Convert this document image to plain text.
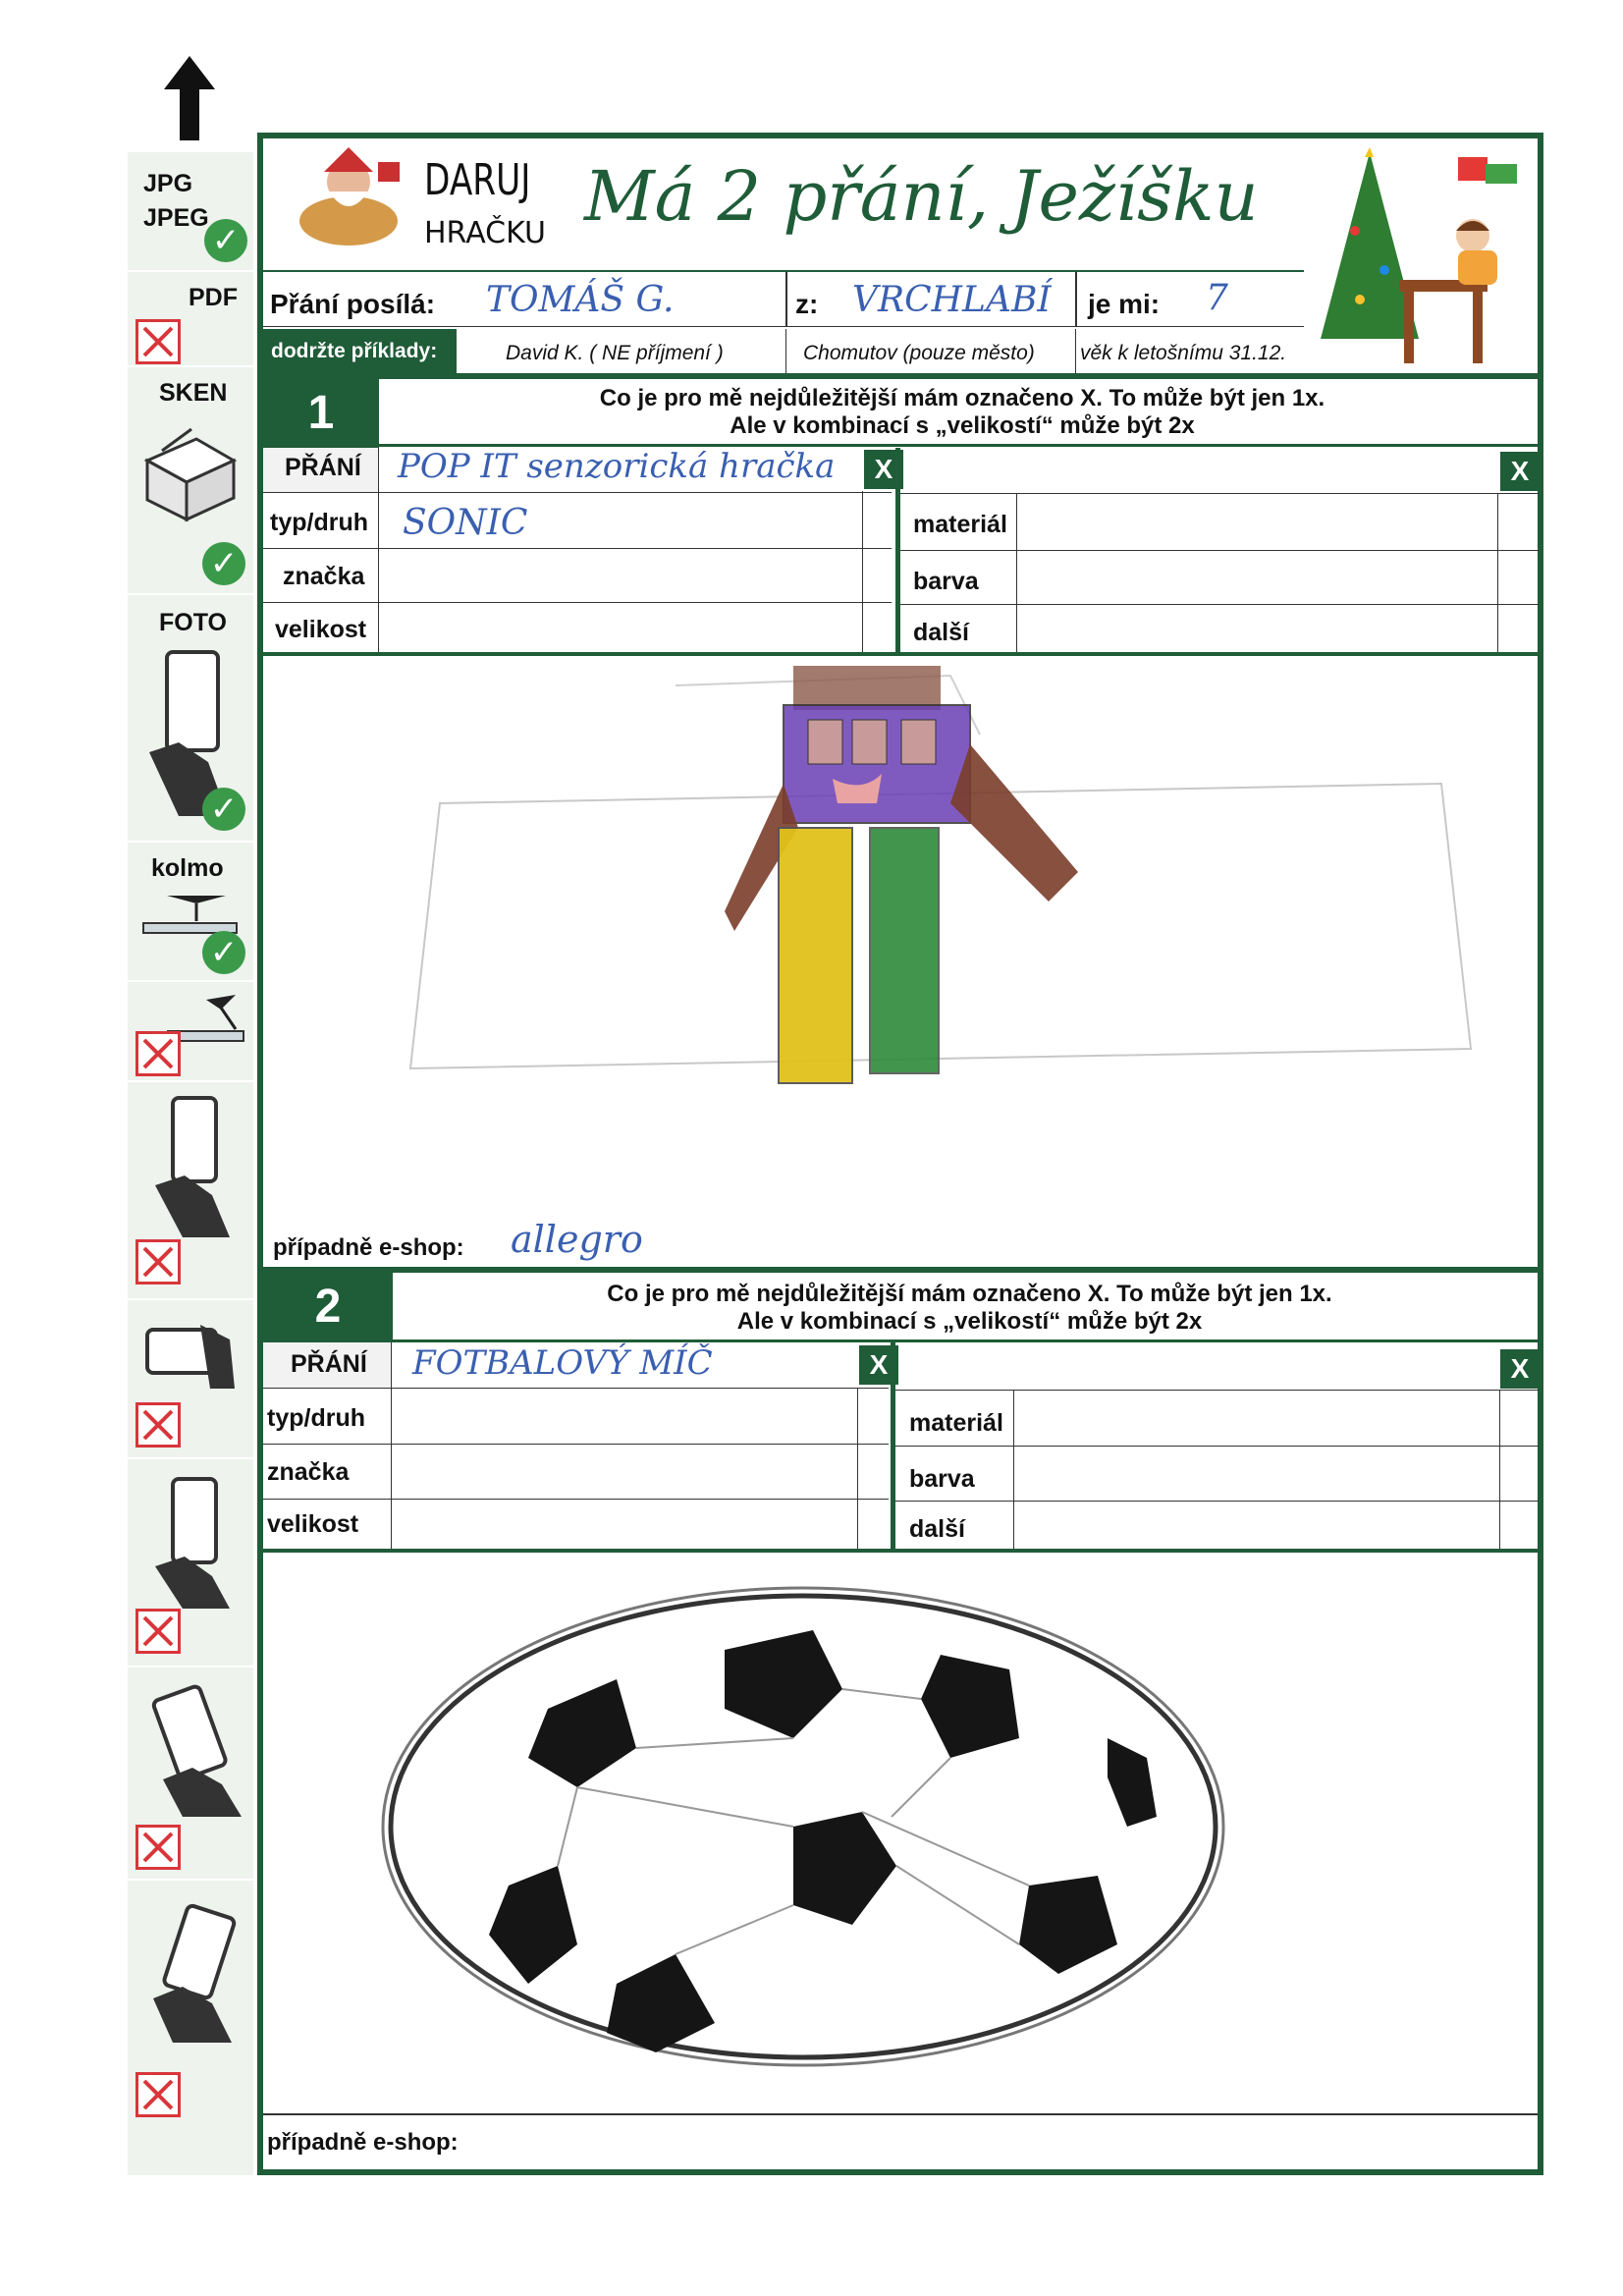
JPG
JPEG
✓
PDF
SKEN
✓
FOTO
✓
kolmo
✓
DARUJ
HRAČKU Má 2 přání, Ježíšku
Přání posílá: TOMÁŠ G.	z: VRCHLABÍ je mi: 7
dodržte příklady:	David K. ( NE příjmení )	Chomutov (pouze město) věk k letošnímu 31.12.
1	Co je pro mě nejdůležitější mám označeno X. To může být jen 1x.
Ale v kombinací s „velikostí“ může být 2x
PŘÁNÍ POP IT senzorická hračka	X
typ/druh SONIC
značka
velikost
X
materiál
barva
další
případně e-shop: allegro
2	Co je pro mě nejdůležitější mám označeno X. To může být jen 1x.
Ale v kombinací s „velikostí“ může být 2x
PŘÁNÍ FOTBALOVÝ MÍČ	X
typ/druh
značka
velikost
X
materiál
barva
další
případně e-shop:
